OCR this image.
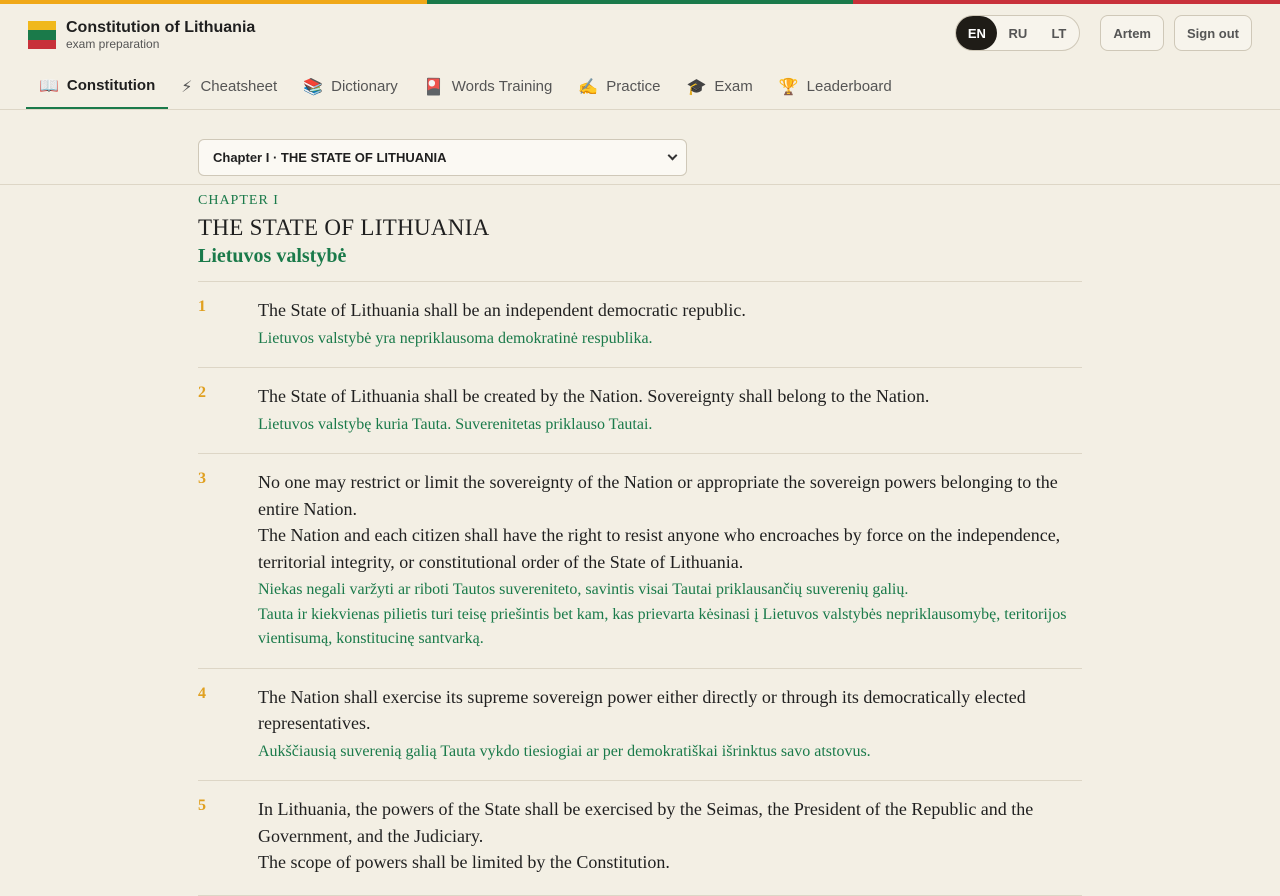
Constitution of Lithuania
exam preparation
EN	RU	LT	Artem	Sign out
📖 Constitution ⚡ Cheatsheet 📚 Dictionary 🎴 Words Training ✍️ Practice 🎓 Exam 🏆 Leaderboard
Chapter I · THE STATE OF LITHUANIA
CHAPTER I
THE STATE OF LITHUANIA
Lietuvos valstybė
1	The State of Lithuania shall be an independent democratic republic.
Lietuvos valstybė yra nepriklausoma demokratinė respublika.
2	The State of Lithuania shall be created by the Nation. Sovereignty shall belong to the Nation.
Lietuvos valstybę kuria Tauta. Suverenitetas priklauso Tautai.
3	No one may restrict or limit the sovereignty of the Nation or appropriate the sovereign powers belonging to the entire Nation.
The Nation and each citizen shall have the right to resist anyone who encroaches by force on the independence, territorial integrity, or constitutional order of the State of Lithuania.
Niekas negali varžyti ar riboti Tautos suvereniteto, savintis visai Tautai priklausančių suverenių galių.
Tauta ir kiekvienas pilietis turi teisę priešintis bet kam, kas prievarta kėsinasi į Lietuvos valstybės nepriklausomybę, teritorijos vientisumą, konstitucinę santvarką.
4	The Nation shall exercise its supreme sovereign power either directly or through its democratically elected representatives.
Aukščiausią suverenią galią Tauta vykdo tiesiogiai ar per demokratiškai išrinktus savo atstovus.
5	In Lithuania, the powers of the State shall be exercised by the Seimas, the President of the Republic and the Government, and the Judiciary.
The scope of powers shall be limited by the Constitution.
